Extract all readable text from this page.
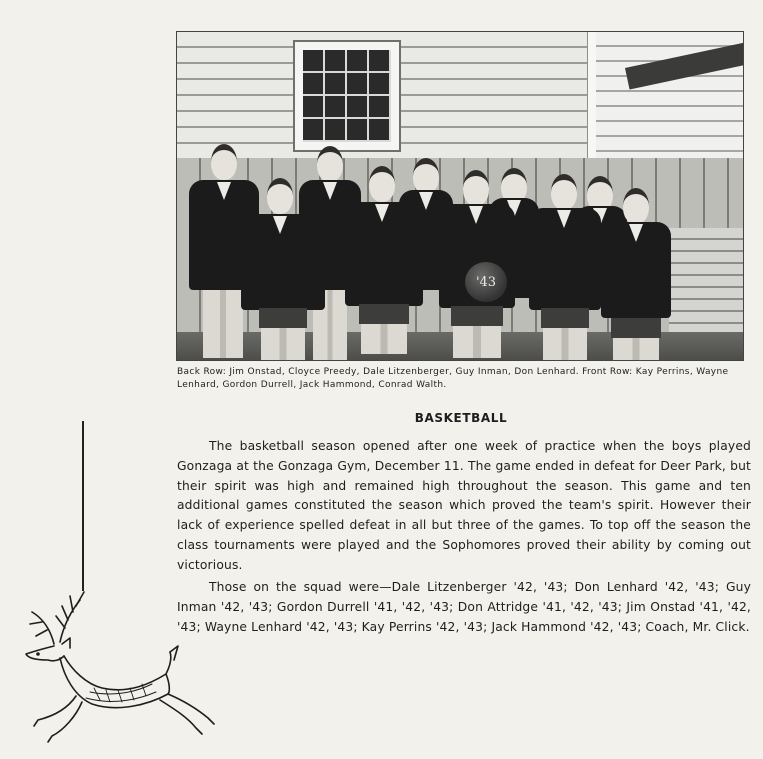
'43

Back Row: Jim Onstad, Cloyce Preedy, Dale Litzenberger, Guy Inman, Don Lenhard. Front Row: Kay Perrins, Wayne Lenhard, Gordon Durrell, Jack Hammond, Conrad Walth.

BASKETBALL

The basketball season opened after one week of practice when the boys played Gonzaga at the Gonzaga Gym, December 11. The game ended in defeat for Deer Park, but their spirit was high and remained high throughout the season. This game and ten additional games constituted the season which proved the team's spirit. However their lack of experience spelled defeat in all but three of the games. To top off the season the class tournaments were played and the Sophomores proved their ability by coming out victorious.

Those on the squad were—Dale Litzenberger '42, '43; Don Lenhard '42, '43; Guy Inman '42, '43; Gordon Durrell '41, '42, '43; Don Attridge '41, '42, '43; Jim Onstad '41, '42, '43; Wayne Lenhard '42, '43; Kay Perrins '42, '43; Jack Hammond '42, '43; Coach, Mr. Click.
